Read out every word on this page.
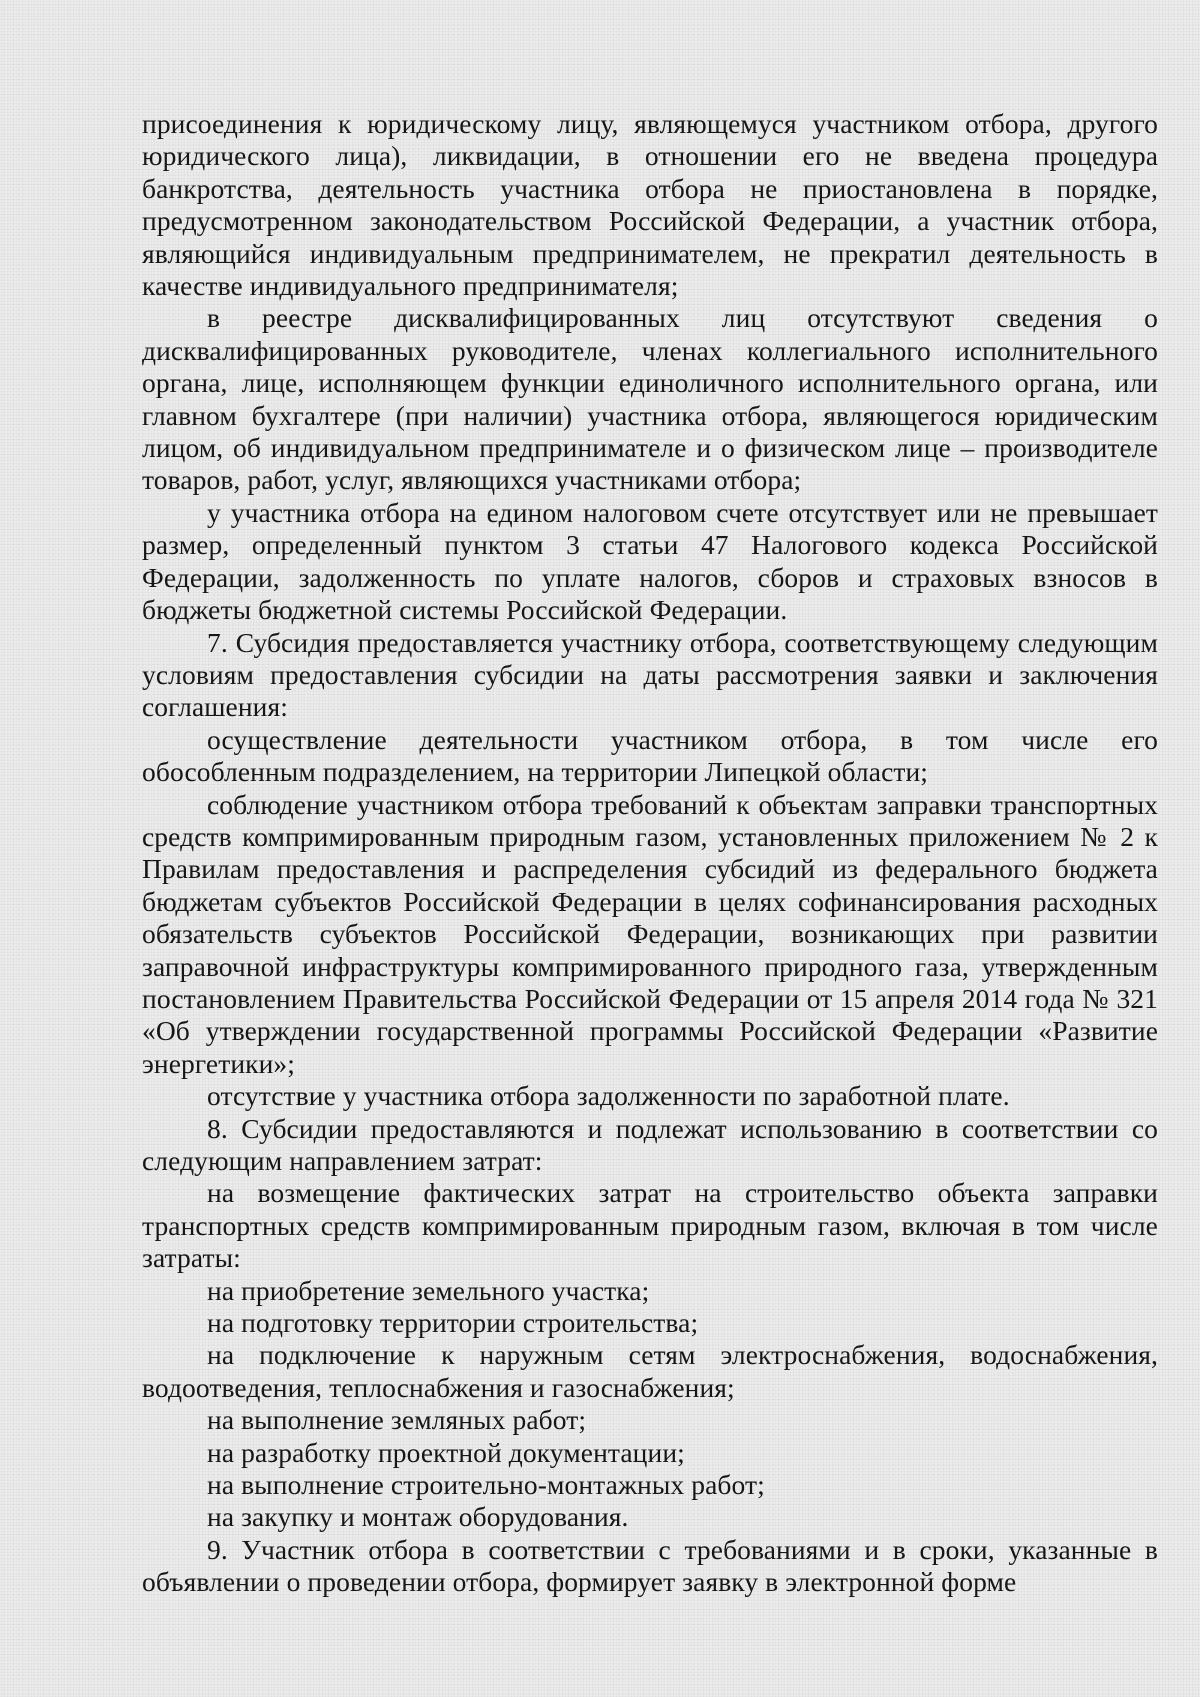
присоединения к юридическому лицу, являющемуся участником отбора, другого юридического лица), ликвидации, в отношении его не введена процедура банкротства, деятельность участника отбора не приостановлена в порядке, предусмотренном законодательством Российской Федерации, а участник отбора, являющийся индивидуальным предпринимателем, не прекратил деятельность в качестве индивидуального предпринимателя;

в реестре дисквалифицированных лиц отсутствуют сведения о дисквалифицированных руководителе, членах коллегиального исполнительного органа, лице, исполняющем функции единоличного исполнительного органа, или главном бухгалтере (при наличии) участника отбора, являющегося юридическим лицом, об индивидуальном предпринимателе и о физическом лице – производителе товаров, работ, услуг, являющихся участниками отбора;

у участника отбора на едином налоговом счете отсутствует или не превышает размер, определенный пунктом 3 статьи 47 Налогового кодекса Российской Федерации, задолженность по уплате налогов, сборов и страховых взносов в бюджеты бюджетной системы Российской Федерации.

7. Субсидия предоставляется участнику отбора, соответствующему следующим условиям предоставления субсидии на даты рассмотрения заявки и заключения соглашения:

осуществление деятельности участником отбора, в том числе его обособленным подразделением, на территории Липецкой области;

соблюдение участником отбора требований к объектам заправки транспортных средств компримированным природным газом, установленных приложением № 2 к Правилам предоставления и распределения субсидий из федерального бюджета бюджетам субъектов Российской Федерации в целях софинансирования расходных обязательств субъектов Российской Федерации, возникающих при развитии заправочной инфраструктуры компримированного природного газа, утвержденным постановлением Правительства Российской Федерации от 15 апреля 2014 года № 321 «Об утверждении государственной программы Российской Федерации «Развитие энергетики»;

отсутствие у участника отбора задолженности по заработной плате.

8. Субсидии предоставляются и подлежат использованию в соответствии со следующим направлением затрат:

на возмещение фактических затрат на строительство объекта заправки транспортных средств компримированным природным газом, включая в том числе затраты:

на приобретение земельного участка;

на подготовку территории строительства;

на подключение к наружным сетям электроснабжения, водоснабжения, водоотведения, теплоснабжения и газоснабжения;

на выполнение земляных работ;

на разработку проектной документации;

на выполнение строительно-монтажных работ;

на закупку и монтаж оборудования.

9. Участник отбора в соответствии с требованиями и в сроки, указанные в объявлении о проведении отбора, формирует заявку в электронной форме
